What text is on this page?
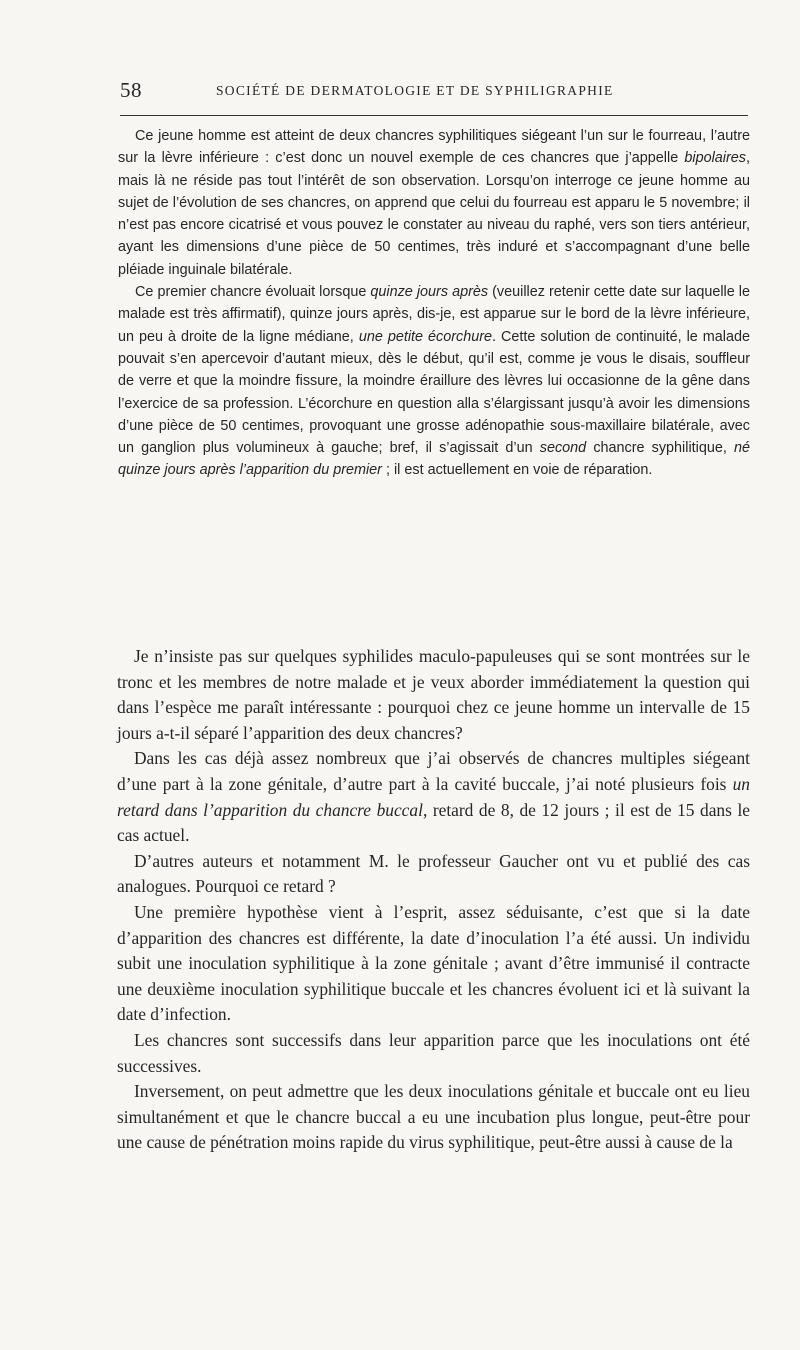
58	SOCIÉTÉ DE DERMATOLOGIE ET DE SYPHILIGRAPHIE

Ce jeune homme est atteint de deux chancres syphilitiques siégeant l’un sur le fourreau, l’autre sur la lèvre inférieure : c’est donc un nouvel exemple de ces chancres que j’appelle bipolaires, mais là ne réside pas tout l’intérêt de son observation. Lorsqu’on interroge ce jeune homme au sujet de l’évolution de ses chancres, on apprend que celui du fourreau est apparu le 5 novembre; il n’est pas encore cicatrisé et vous pouvez le constater au niveau du raphé, vers son tiers antérieur, ayant les dimensions d’une pièce de 50 centimes, très induré et s’accompagnant d’une belle pléiade inguinale bilatérale.

Ce premier chancre évoluait lorsque quinze jours après (veuillez retenir cette date sur laquelle le malade est très affirmatif), quinze jours après, dis-je, est apparue sur le bord de la lèvre inférieure, un peu à droite de la ligne médiane, une petite écorchure. Cette solution de continuité, le malade pouvait s’en apercevoir d’autant mieux, dès le début, qu’il est, comme je vous le disais, souffleur de verre et que la moindre fissure, la moindre éraillure des lèvres lui occasionne de la gêne dans l’exercice de sa profession. L’écorchure en question alla s’élargissant jusqu’à avoir les dimensions d’une pièce de 50 centimes, provoquant une grosse adénopathie sous-maxillaire bilatérale, avec un ganglion plus volumineux à gauche; bref, il s’agissait d’un second chancre syphilitique, né quinze jours après l’apparition du premier ; il est actuellement en voie de réparation.

Je n’insiste pas sur quelques syphilides maculo-papuleuses qui se sont montrées sur le tronc et les membres de notre malade et je veux aborder immédiatement la question qui dans l’espèce me paraît intéressante : pourquoi chez ce jeune homme un intervalle de 15 jours a-t-il séparé l’apparition des deux chancres?

Dans les cas déjà assez nombreux que j’ai observés de chancres multiples siégeant d’une part à la zone génitale, d’autre part à la cavité buccale, j’ai noté plusieurs fois un retard dans l’apparition du chancre buccal, retard de 8, de 12 jours ; il est de 15 dans le cas actuel.

D’autres auteurs et notamment M. le professeur Gaucher ont vu et publié des cas analogues. Pourquoi ce retard ?

Une première hypothèse vient à l’esprit, assez séduisante, c’est que si la date d’apparition des chancres est différente, la date d’inoculation l’a été aussi. Un individu subit une inoculation syphilitique à la zone génitale ; avant d’être immunisé il contracte une deuxième inoculation syphilitique buccale et les chancres évoluent ici et là suivant la date d’infection.

Les chancres sont successifs dans leur apparition parce que les inoculations ont été successives.

Inversement, on peut admettre que les deux inoculations génitale et buccale ont eu lieu simultanément et que le chancre buccal a eu une incubation plus longue, peut-être pour une cause de pénétration moins rapide du virus syphilitique, peut-être aussi à cause de la
